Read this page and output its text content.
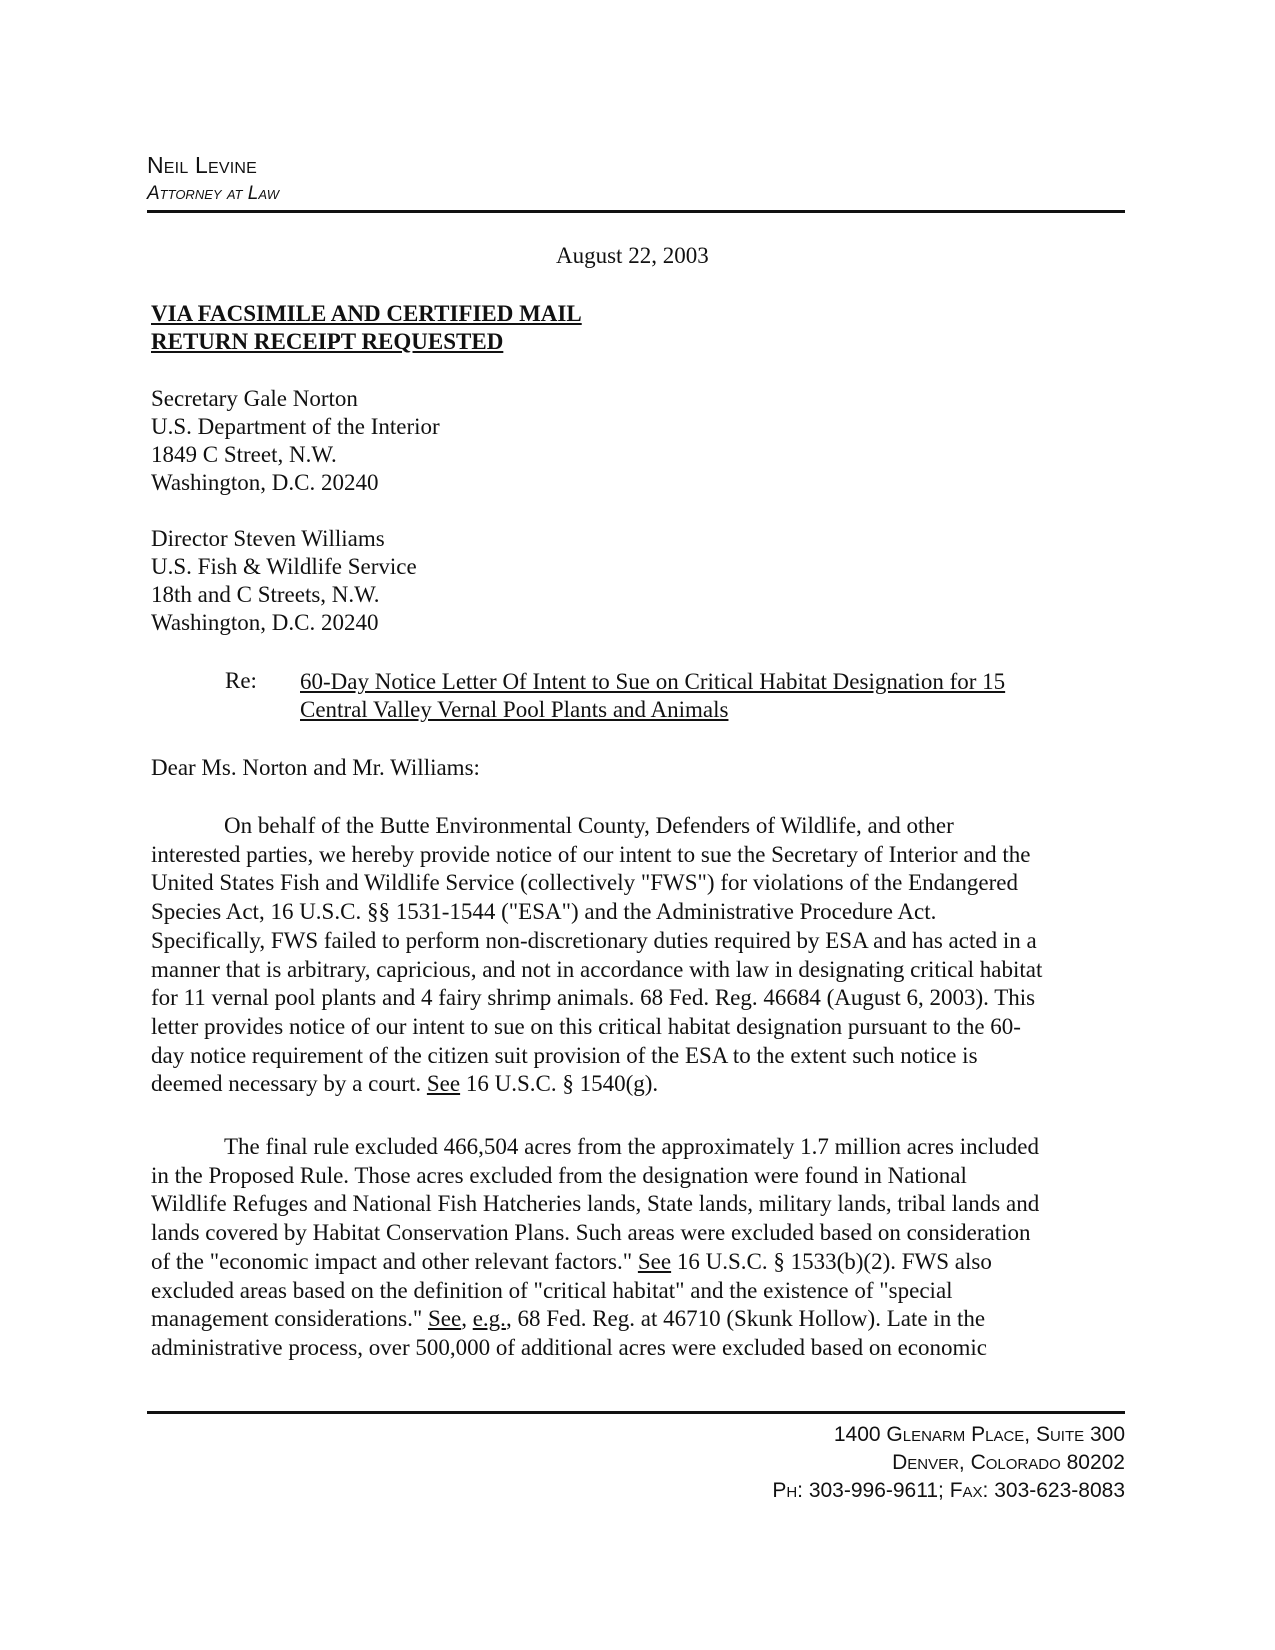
Neil Levine
Attorney at Law
August 22, 2003
VIA FACSIMILE AND CERTIFIED MAIL
RETURN RECEIPT REQUESTED
Secretary Gale Norton
U.S. Department of the Interior
1849 C Street, N.W.
Washington, D.C. 20240
Director Steven Williams
U.S. Fish & Wildlife Service
18th and C Streets, N.W.
Washington, D.C. 20240
Re: 60-Day Notice Letter Of Intent to Sue on Critical Habitat Designation for 15
Central Valley Vernal Pool Plants and Animals
Dear Ms. Norton and Mr. Williams:
On behalf of the Butte Environmental County, Defenders of Wildlife, and other
interested parties, we hereby provide notice of our intent to sue the Secretary of Interior and the
United States Fish and Wildlife Service (collectively "FWS") for violations of the Endangered
Species Act, 16 U.S.C. §§ 1531-1544 ("ESA") and the Administrative Procedure Act.
Specifically, FWS failed to perform non-discretionary duties required by ESA and has acted in a
manner that is arbitrary, capricious, and not in accordance with law in designating critical habitat
for 11 vernal pool plants and 4 fairy shrimp animals. 68 Fed. Reg. 46684 (August 6, 2003). This
letter provides notice of our intent to sue on this critical habitat designation pursuant to the 60-
day notice requirement of the citizen suit provision of the ESA to the extent such notice is
deemed necessary by a court. See 16 U.S.C. § 1540(g).
The final rule excluded 466,504 acres from the approximately 1.7 million acres included
in the Proposed Rule. Those acres excluded from the designation were found in National
Wildlife Refuges and National Fish Hatcheries lands, State lands, military lands, tribal lands and
lands covered by Habitat Conservation Plans. Such areas were excluded based on consideration
of the "economic impact and other relevant factors." See 16 U.S.C. § 1533(b)(2). FWS also
excluded areas based on the definition of "critical habitat" and the existence of "special
management considerations." See, e.g., 68 Fed. Reg. at 46710 (Skunk Hollow). Late in the
administrative process, over 500,000 of additional acres were excluded based on economic
1400 Glenarm Place, Suite 300
Denver, Colorado 80202
Ph: 303-996-9611; Fax: 303-623-8083
